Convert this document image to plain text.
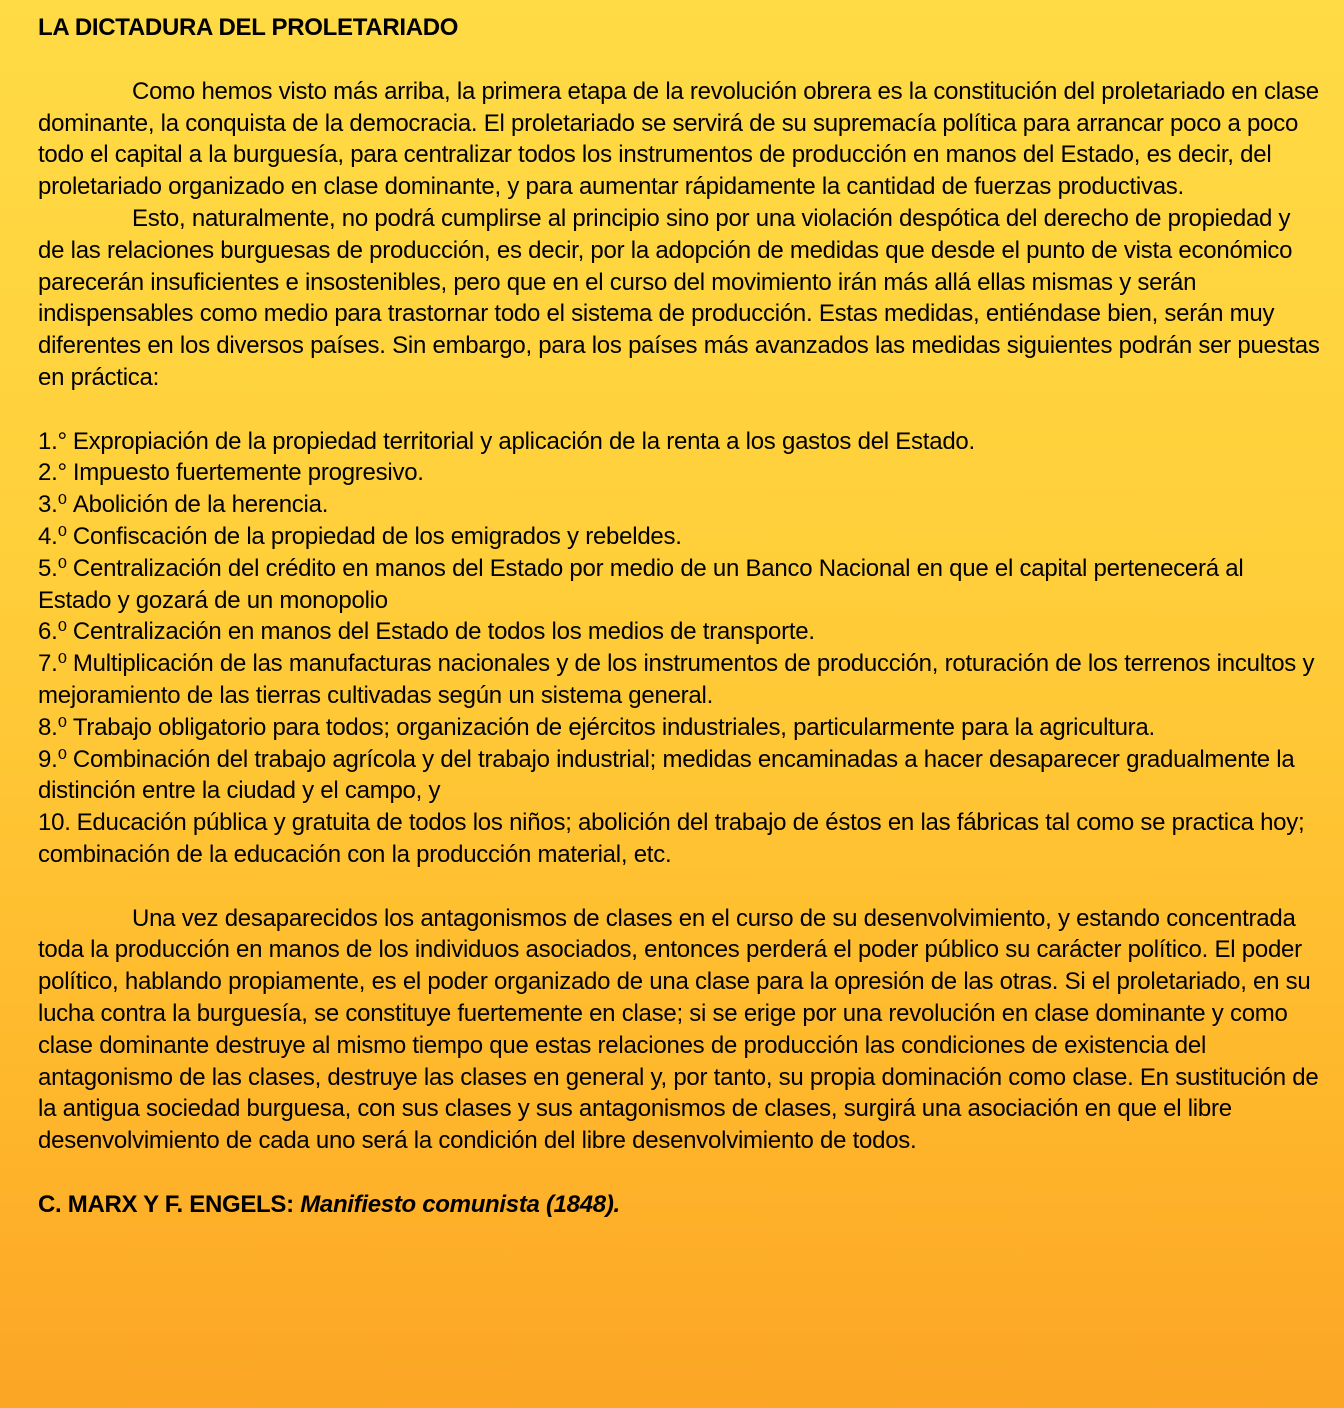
LA DICTADURA DEL PROLETARIADO

Como hemos visto más arriba, la primera etapa de la revolución obrera es la constitución del proletariado en clase dominante, la conquista de la democracia. El proletariado se servirá de su supremacía política para arrancar poco a poco todo el capital a la burguesía, para centralizar todos los instrumentos de producción en manos del Estado, es decir, del proletariado organizado en clase dominante, y para aumentar rápidamente la cantidad de fuerzas productivas.

Esto, naturalmente, no podrá cumplirse al principio sino por una violación despótica del derecho de propiedad y de las relaciones burguesas de producción, es decir, por la adopción de medidas que desde el punto de vista económico parecerán insuficientes e insostenibles, pero que en el curso del movimiento irán más allá ellas mismas y serán indispensables como medio para trastornar todo el sistema de producción. Estas medidas, entiéndase bien, serán muy diferentes en los diversos países. Sin embargo, para los países más avanzados las medidas siguientes podrán ser puestas en práctica:

1.° Expropiación de la propiedad territorial y aplicación de la renta a los gastos del Estado.
2.° Impuesto fuertemente progresivo.
3.⁰ Abolición de la herencia.
4.⁰ Confiscación de la propiedad de los emigrados y rebeldes.
5.⁰ Centralización del crédito en manos del Estado por medio de un Banco Nacional en que el capital pertenecerá al Estado y gozará de un monopolio
6.⁰ Centralización en manos del Estado de todos los medios de transporte.
7.⁰ Multiplicación de las manufacturas nacionales y de los instrumentos de producción, roturación de los terrenos incultos y mejoramiento de las tierras cultivadas según un sistema general.
8.⁰ Trabajo obligatorio para todos; organización de ejércitos industriales, particularmente para la agricultura.
9.⁰ Combinación del trabajo agrícola y del trabajo industrial; medidas encaminadas a hacer desaparecer gradualmente la distinción entre la ciudad y el campo, y
10. Educación pública y gratuita de todos los niños; abolición del trabajo de éstos en las fábricas tal como se practica hoy; combinación de la educación con la producción material, etc.

Una vez desaparecidos los antagonismos de clases en el curso de su desenvolvimiento, y estando concentrada toda la producción en manos de los individuos asociados, entonces perderá el poder público su carácter político. El poder político, hablando propiamente, es el poder organizado de una clase para la opresión de las otras. Si el proletariado, en su lucha contra la burguesía, se constituye fuertemente en clase; si se erige por una revolución en clase dominante y como clase dominante destruye al mismo tiempo que estas relaciones de producción las condiciones de existencia del antagonismo de las clases, destruye las clases en general y, por tanto, su propia dominación como clase. En sustitución de la antigua sociedad burguesa, con sus clases y sus antagonismos de clases, surgirá una asociación en que el libre desenvolvimiento de cada uno será la condición del libre desenvolvimiento de todos.

C. MARX Y F. ENGELS: Manifiesto comunista (1848).
